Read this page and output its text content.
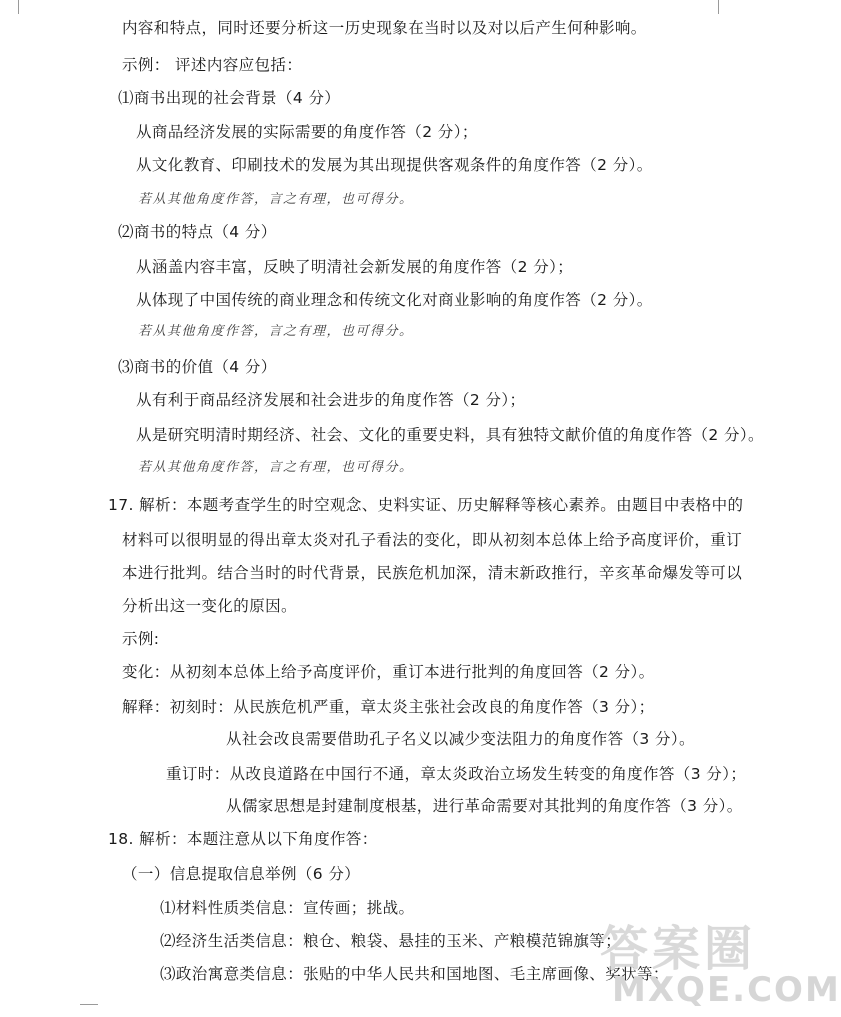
内容和特点，同时还要分析这一历史现象在当时以及对以后产生何种影响。
示例： 评述内容应包括：
⑴商书出现的社会背景（4 分）
从商品经济发展的实际需要的角度作答（2 分）；
从文化教育、印刷技术的发展为其出现提供客观条件的角度作答（2 分）。
若从其他角度作答，言之有理，也可得分。
⑵商书的特点（4 分）
从涵盖内容丰富，反映了明清社会新发展的角度作答（2 分）；
从体现了中国传统的商业理念和传统文化对商业影响的角度作答（2 分）。
若从其他角度作答，言之有理，也可得分。
⑶商书的价值（4 分）
从有利于商品经济发展和社会进步的角度作答（2 分）；
从是研究明清时期经济、社会、文化的重要史料，具有独特文献价值的角度作答（2 分）。
若从其他角度作答，言之有理，也可得分。
17. 解析：本题考查学生的时空观念、史料实证、历史解释等核心素养。由题目中表格中的
材料可以很明显的得出章太炎对孔子看法的变化，即从初刻本总体上给予高度评价，重订
本进行批判。结合当时的时代背景，民族危机加深，清末新政推行，辛亥革命爆发等可以
分析出这一变化的原因。
示例:
变化：从初刻本总体上给予高度评价，重订本进行批判的角度回答（2 分）。
解释：初刻时：从民族危机严重，章太炎主张社会改良的角度作答（3 分）；
从社会改良需要借助孔子名义以减少变法阻力的角度作答（3 分）。
重订时：从改良道路在中国行不通，章太炎政治立场发生转变的角度作答（3 分）；
从儒家思想是封建制度根基，进行革命需要对其批判的角度作答（3 分）。
18. 解析：本题注意从以下角度作答：
（一）信息提取信息举例（6 分）
⑴材料性质类信息：宣传画；挑战。
⑵经济生活类信息：粮仓、粮袋、悬挂的玉米、产粮模范锦旗等；
⑶政治寓意类信息：张贴的中华人民共和国地图、毛主席画像、奖状等；
答案圈
MXQE.COM
